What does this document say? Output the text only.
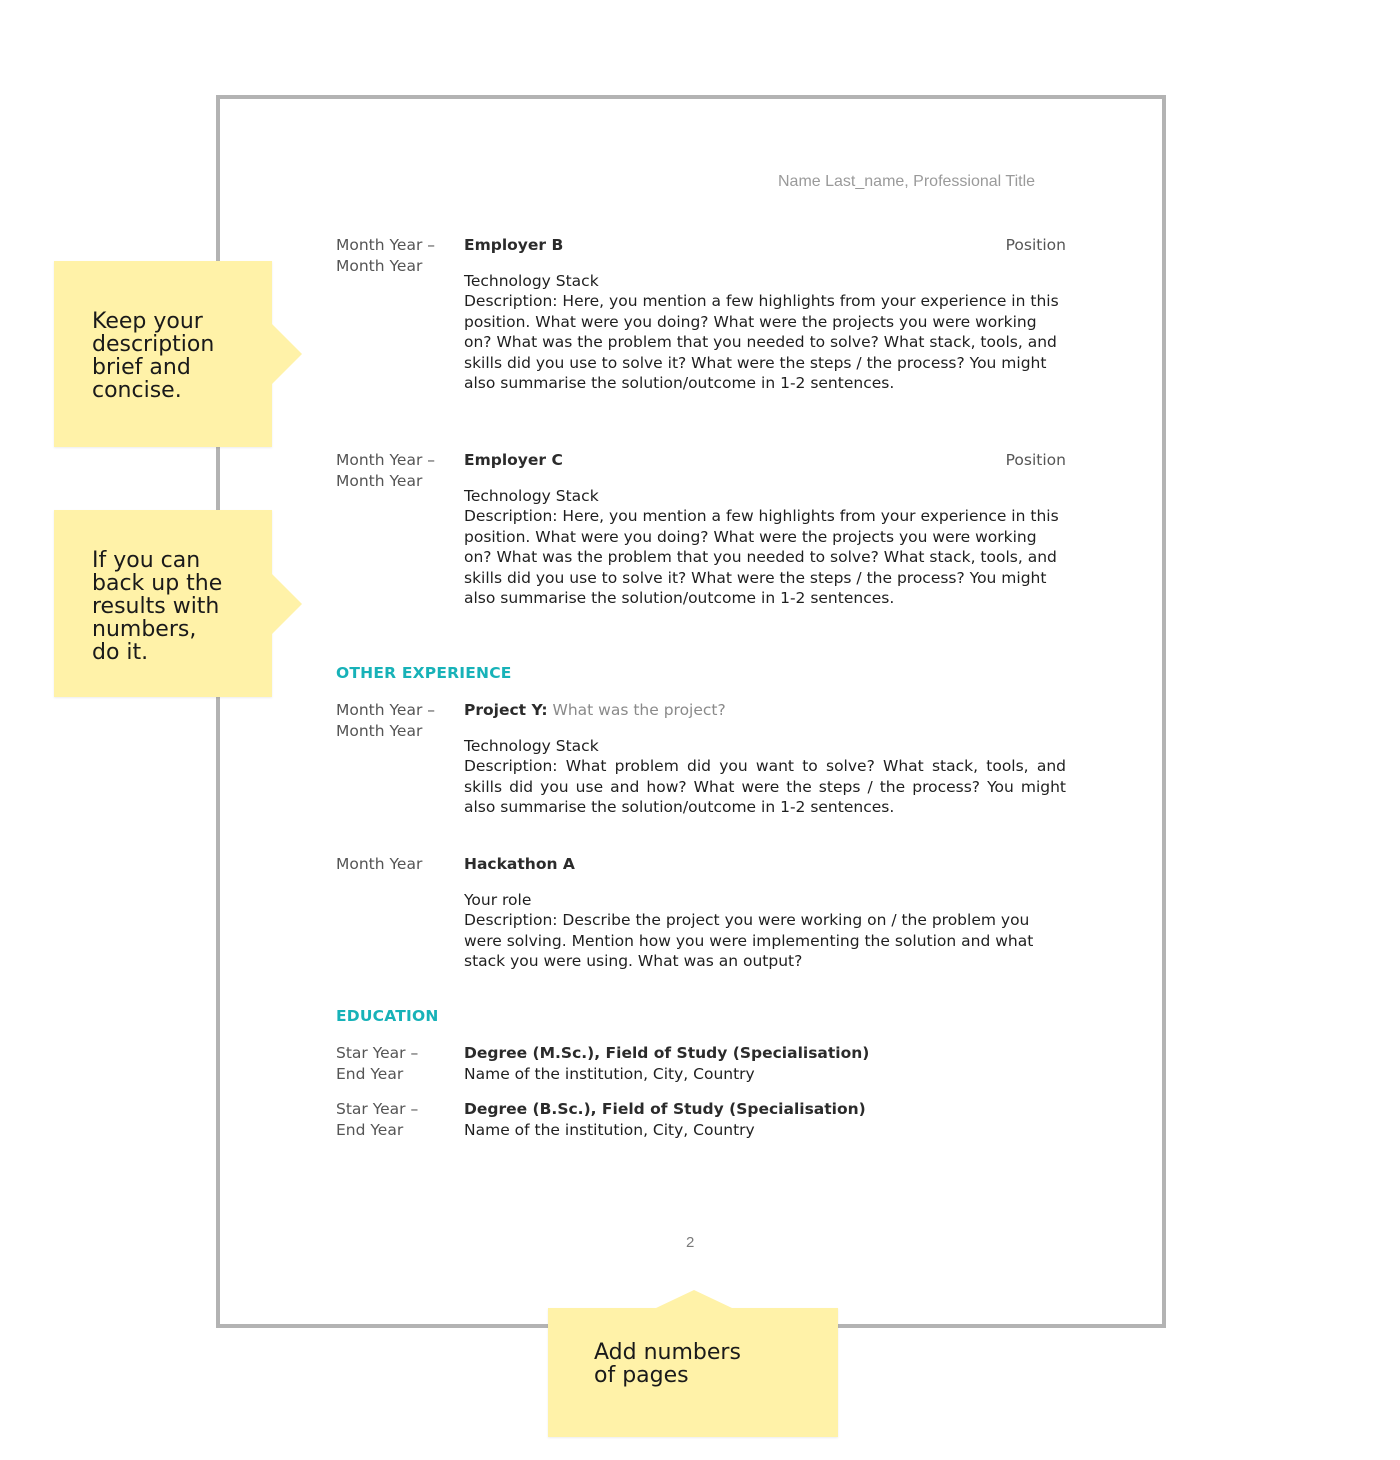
Name Last_name, Professional Title
Month Year –
Month Year
Employer B
Technology Stack
Description: Here, you mention a few highlights from your experience in this position. What were you doing? What were the projects you were working on? What was the problem that you needed to solve? What stack, tools, and skills did you use to solve it? What were the steps / the process? You might also summarise the solution/outcome in 1-2 sentences.
Position
Month Year –
Month Year
Employer C
Technology Stack
Description: Here, you mention a few highlights from your experience in this position. What were you doing? What were the projects you were working on? What was the problem that you needed to solve? What stack, tools, and skills did you use to solve it? What were the steps / the process? You might also summarise the solution/outcome in 1-2 sentences.
Position
OTHER EXPERIENCE
Month Year –
Month Year
Project Y: What was the project?
Technology Stack
Description: What problem did you want to solve? What stack, tools, and skills did you use and how? What were the steps / the process? You might also summarise the solution/outcome in 1-2 sentences.
Month Year	Hackathon A
Your role
Description: Describe the project you were working on / the problem you were solving. Mention how you were implementing the solution and what stack you were using. What was an output?
EDUCATION
Star Year –
End Year
Degree (M.Sc.), Field of Study (Specialisation)
Name of the institution, City, Country
Star Year –
End Year
Degree (B.Sc.), Field of Study (Specialisation)
Name of the institution, City, Country
2
Keep your
description
brief and
concise.
If you can
back up the
results with
numbers,
do it.
Add numbers
of pages
